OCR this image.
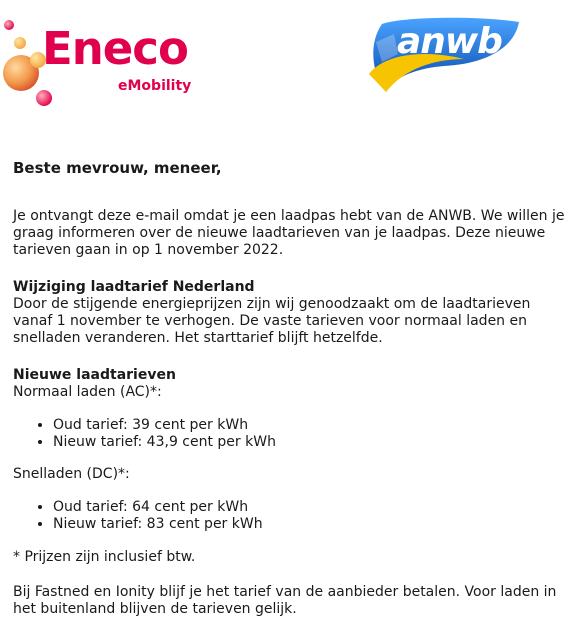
Eneco
eMobility
anwb

Beste mevrouw, meneer,

Je ontvangt deze e-mail omdat je een laadpas hebt van de ANWB. We willen je graag informeren over de nieuwe laadtarieven van je laadpas. Deze nieuwe tarieven gaan in op 1 november 2022.

Wijziging laadtarief Nederland

Door de stijgende energieprijzen zijn wij genoodzaakt om de laadtarieven vanaf 1 november te verhogen. De vaste tarieven voor normaal laden en snelladen veranderen. Het starttarief blijft hetzelfde.

Nieuwe laadtarieven

Normaal laden (AC)*:

• Oud tarief: 39 cent per kWh
• Nieuw tarief: 43,9 cent per kWh

Snelladen (DC)*:

• Oud tarief: 64 cent per kWh
• Nieuw tarief: 83 cent per kWh

* Prijzen zijn inclusief btw.

Bij Fastned en Ionity blijf je het tarief van de aanbieder betalen. Voor laden in het buitenland blijven de tarieven gelijk.
